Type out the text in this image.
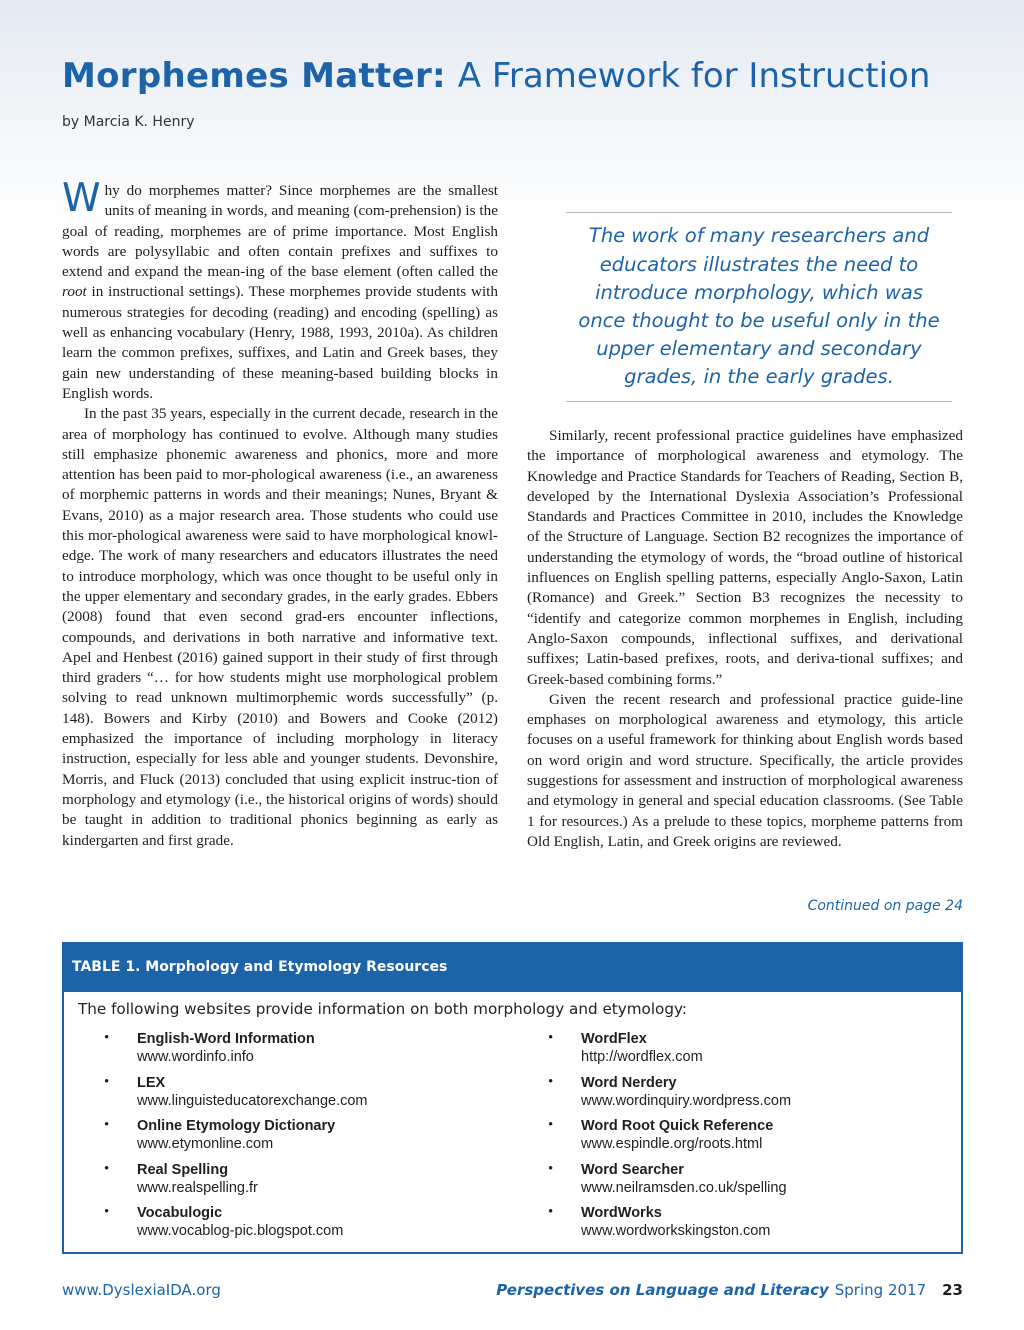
Morphemes Matter: A Framework for Instruction
by Marcia K. Henry

Why do morphemes matter? Since morphemes are the smallest units of meaning in words, and meaning (com-prehension) is the goal of reading, morphemes are of prime importance. Most English words are polysyllabic and often contain prefixes and suffixes to extend and expand the mean-ing of the base element (often called the root in instructional settings). These morphemes provide students with numerous strategies for decoding (reading) and encoding (spelling) as well as enhancing vocabulary (Henry, 1988, 1993, 2010a). As children learn the common prefixes, suffixes, and Latin and Greek bases, they gain new understanding of these meaning-based building blocks in English words.

In the past 35 years, especially in the current decade, research in the area of morphology has continued to evolve. Although many studies still emphasize phonemic awareness and phonics, more and more attention has been paid to mor-phological awareness (i.e., an awareness of morphemic patterns in words and their meanings; Nunes, Bryant & Evans, 2010) as a major research area. Those students who could use this mor-phological awareness were said to have morphological knowl-edge. The work of many researchers and educators illustrates the need to introduce morphology, which was once thought to be useful only in the upper elementary and secondary grades, in the early grades. Ebbers (2008) found that even second grad-ers encounter inflections, compounds, and derivations in both narrative and informative text. Apel and Henbest (2016) gained support in their study of first through third graders “… for how students might use morphological problem solving to read unknown multimorphemic words successfully” (p. 148). Bowers and Kirby (2010) and Bowers and Cooke (2012) emphasized the importance of including morphology in literacy instruction, especially for less able and younger students. Devonshire, Morris, and Fluck (2013) concluded that using explicit instruc-tion of morphology and etymology (i.e., the historical origins of words) should be taught in addition to traditional phonics beginning as early as kindergarten and first grade.

The work of many researchers and educators illustrates the need to introduce morphology, which was once thought to be useful only in the upper elementary and secondary grades, in the early grades.

Similarly, recent professional practice guidelines have emphasized the importance of morphological awareness and etymology. The Knowledge and Practice Standards for Teachers of Reading, Section B, developed by the International Dyslexia Association’s Professional Standards and Practices Committee in 2010, includes the Knowledge of the Structure of Language. Section B2 recognizes the importance of understanding the etymology of words, the “broad outline of historical influences on English spelling patterns, especially Anglo-Saxon, Latin (Romance) and Greek.” Section B3 recognizes the necessity to “identify and categorize common morphemes in English, including Anglo-Saxon compounds, inflectional suffixes, and derivational suffixes; Latin-based prefixes, roots, and deriva-tional suffixes; and Greek-based combining forms.”

Given the recent research and professional practice guide-line emphases on morphological awareness and etymology, this article focuses on a useful framework for thinking about English words based on word origin and word structure. Specifically, the article provides suggestions for assessment and instruction of morphological awareness and etymology in general and special education classrooms. (See Table 1 for resources.) As a prelude to these topics, morpheme patterns from Old English, Latin, and Greek origins are reviewed.

Continued on page 24
TABLE 1. Morphology and Etymology Resources
The following websites provide information on both morphology and etymology:
• English-Word Information
www.wordinfo.info
• LEX
www.linguisteducatorexchange.com
• Online Etymology Dictionary
www.etymonline.com
• Real Spelling
www.realspelling.fr
• Vocabulogic
www.vocablog-pic.blogspot.com
• WordFlex
http://wordflex.com
• Word Nerdery
www.wordinquiry.wordpress.com
• Word Root Quick Reference
www.espindle.org/roots.html
• Word Searcher
www.neilramsden.co.uk/spelling
• WordWorks
www.wordworkskingston.com
www.DyslexiaIDA.org	Perspectives on Language and Literacy Spring 2017 23
